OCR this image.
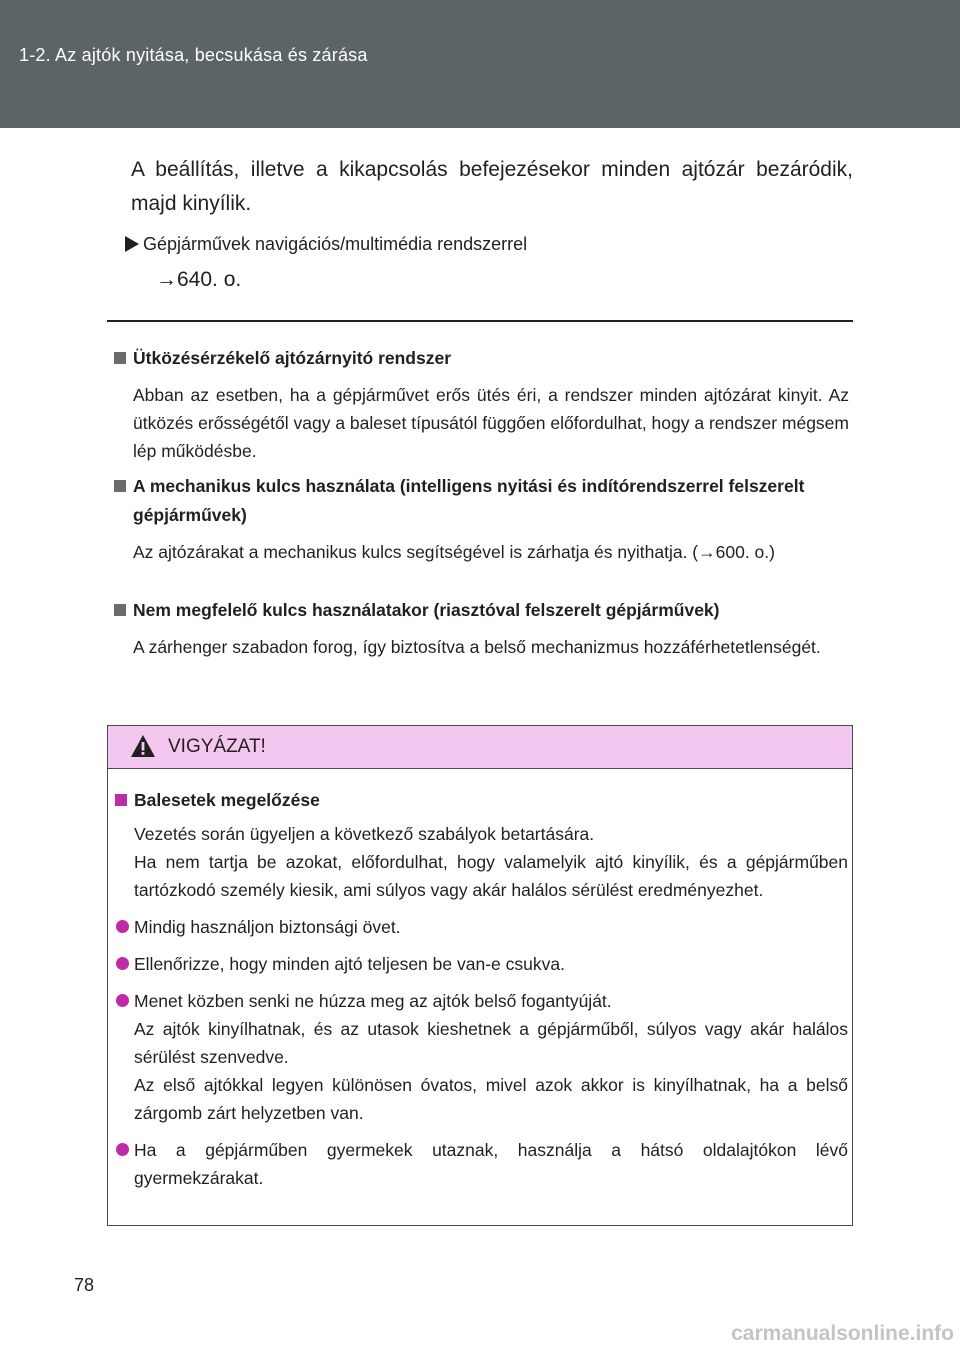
1-2. Az ajtók nyitása, becsukása és zárása
A beállítás, illetve a kikapcsolás befejezésekor minden ajtózár bezáródik, majd kinyílik.
Gépjárművek navigációs/multimédia rendszerrel
→640. o.
Ütközésérzékelő ajtózárnyitó rendszer
Abban az esetben, ha a gépjárművet erős ütés éri, a rendszer minden ajtózárat kinyit. Az ütközés erősségétől vagy a baleset típusától függően előfordulhat, hogy a rendszer mégsem lép működésbe.
A mechanikus kulcs használata (intelligens nyitási és indítórendszerrel felszerelt gépjárművek)
Az ajtózárakat a mechanikus kulcs segítségével is zárhatja és nyithatja. (→600. o.)
Nem megfelelő kulcs használatakor (riasztóval felszerelt gépjárművek)
A zárhenger szabadon forog, így biztosítva a belső mechanizmus hozzáférhetetlenségét.
VIGYÁZAT!
Balesetek megelőzése
Vezetés során ügyeljen a következő szabályok betartására.
Ha nem tartja be azokat, előfordulhat, hogy valamelyik ajtó kinyílik, és a gépjárműben tartózkodó személy kiesik, ami súlyos vagy akár halálos sérülést eredményezhet.
Mindig használjon biztonsági övet.
Ellenőrizze, hogy minden ajtó teljesen be van-e csukva.
Menet közben senki ne húzza meg az ajtók belső fogantyúját.
Az ajtók kinyílhatnak, és az utasok kieshetnek a gépjárműből, súlyos vagy akár halálos sérülést szenvedve.
Az első ajtókkal legyen különösen óvatos, mivel azok akkor is kinyílhatnak, ha a belső zárgomb zárt helyzetben van.
Ha a gépjárműben gyermekek utaznak, használja a hátsó oldalajtókon lévő gyermekzárakat.
78
carmanualsonline.info
